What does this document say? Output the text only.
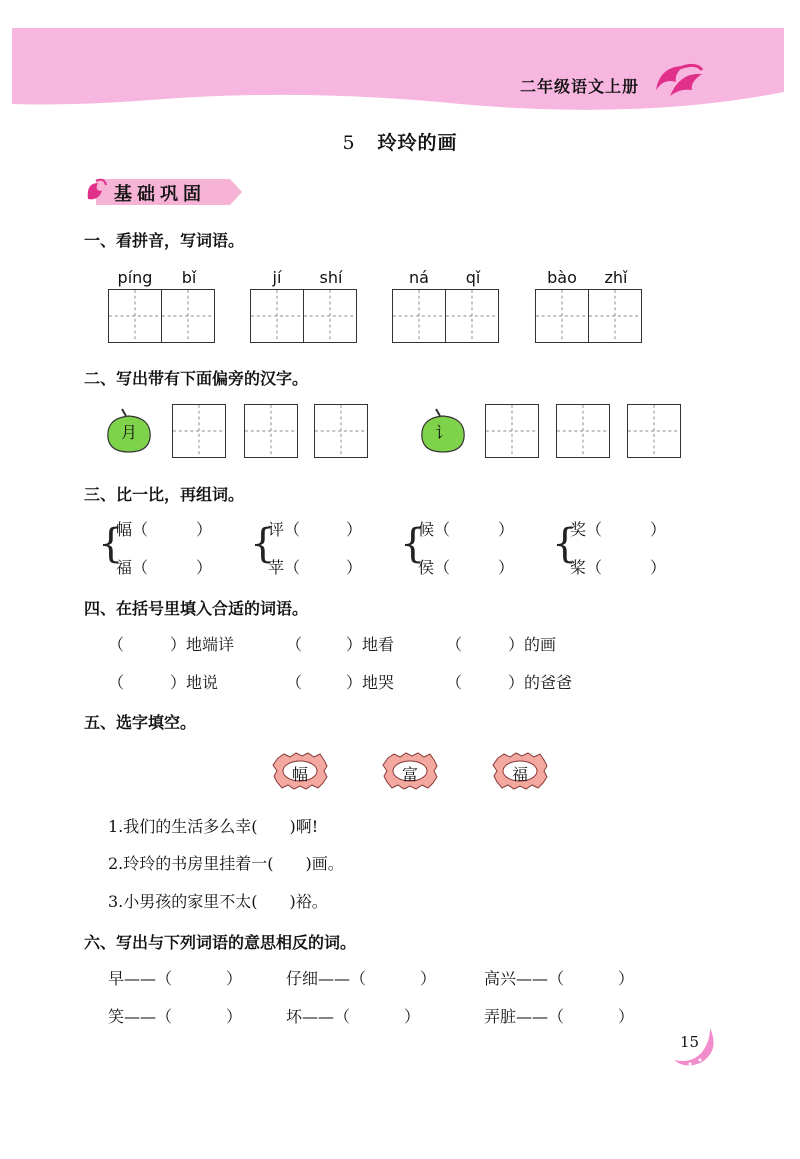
二年级语文上册
5 玲玲的画
基础巩固
一、看拼音，写词语。
píng	bǐ	jí	shí	ná	qǐ	bào	zhǐ
二、写出带有下面偏旁的汉字。
月	讠
三、比一比，再组词。
{
幅（	）
福（	）
{
评（	）
苹（	）
{
候（	）
侯（	）
{
奖（	）
桨（	）
四、在括号里填入合适的词语。
（	）地端详	（	）地看	（	）的画
（	）地说	（	）地哭	（	）的爸爸
五、选字填空。
幅	富	福
1.我们的生活多么幸(　　)啊!
2.玲玲的书房里挂着一(　　)画。
3.小男孩的家里不太(　　)裕。
六、写出与下列词语的意思相反的词。
早——（	）	仔细——（	）	高兴——（	）
笑——（	）	坏——（	）	弄脏——（	）
15
